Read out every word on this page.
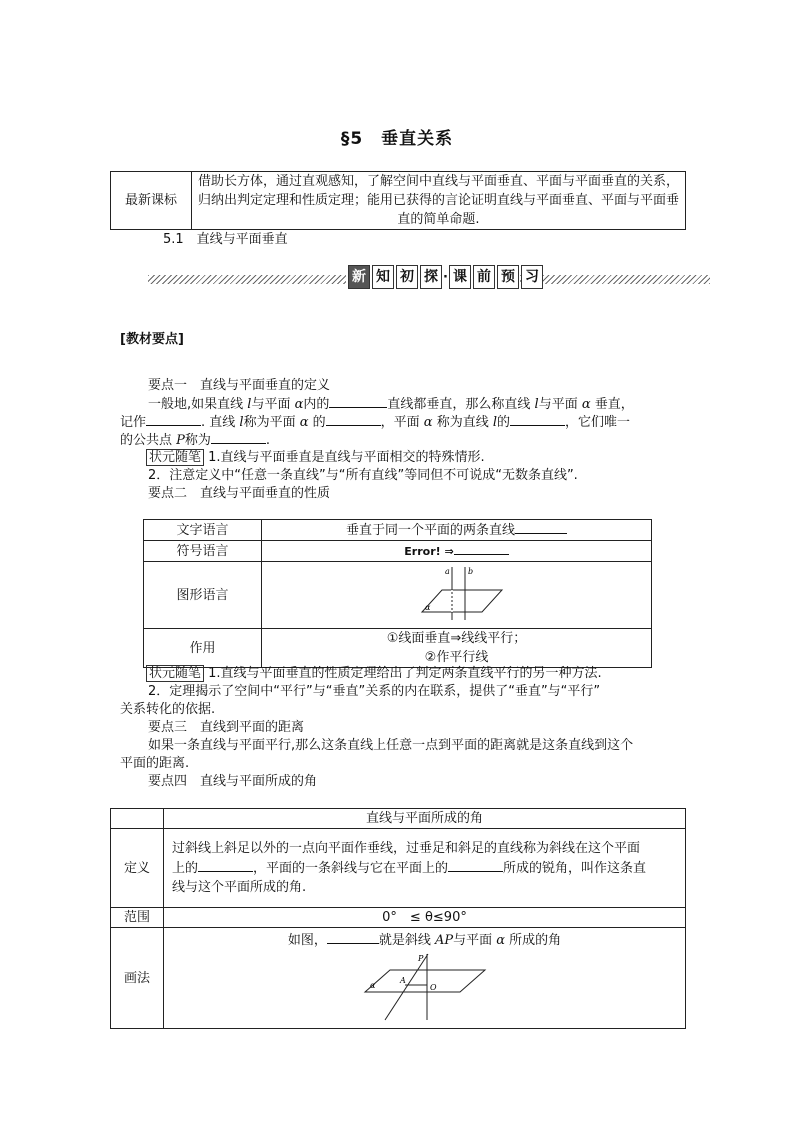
§5　垂直关系
最新课标	借助长方体，通过直观感知，了解空间中直线与平面垂直、平面与平面垂直的关系，归纳出判定定理和性质定理；能用已获得的言论证明直线与平面垂直、平面与平面垂直的简单命题.
5.1　直线与平面垂直
新 知 初 探 · 课 前 预 习
[教材要点]
要点一　直线与平面垂直的定义
一般地,如果直线 l与平面 α内的	直线都垂直，那么称直线 l与平面 α 垂直，
记作	. 直线 l称为平面 α 的	，平面 α 称为直线 l的	，它们唯一
的公共点 P称为	.
状元随笔 1.直线与平面垂直是直线与平面相交的特殊情形.
2．注意定义中“任意一条直线”与“所有直线”等同但不可说成“无数条直线”.
要点二　直线与平面垂直的性质
文字语言	垂直于同一个平面的两条直线
符号语言	Error! ⇒
图形语言	a b
α

作用	①线面垂直⇒线线平行；
②作平行线
状元随笔 1.直线与平面垂直的性质定理给出了判定两条直线平行的另一种方法.
2．定理揭示了空间中“平行”与“垂直”关系的内在联系，提供了“垂直”与“平行”
关系转化的依据.
要点三　直线到平面的距离
如果一条直线与平面平行,那么这条直线上任意一点到平面的距离就是这条直线到这个
平面的距离.
要点四　直线与平面所成的角
	直线与平面所成的角
定义	过斜线上斜足以外的一点向平面作垂线，过垂足和斜足的直线称为斜线在这个平面
上的 ，平面的一条斜线与它在平面上的 所成的锐角，叫作这条直
线与这个平面所成的角.

范围	0°　≤ θ≤90°
画法	如图， 就是斜线 AP与平面 α 所成的角
P
A
O
α
